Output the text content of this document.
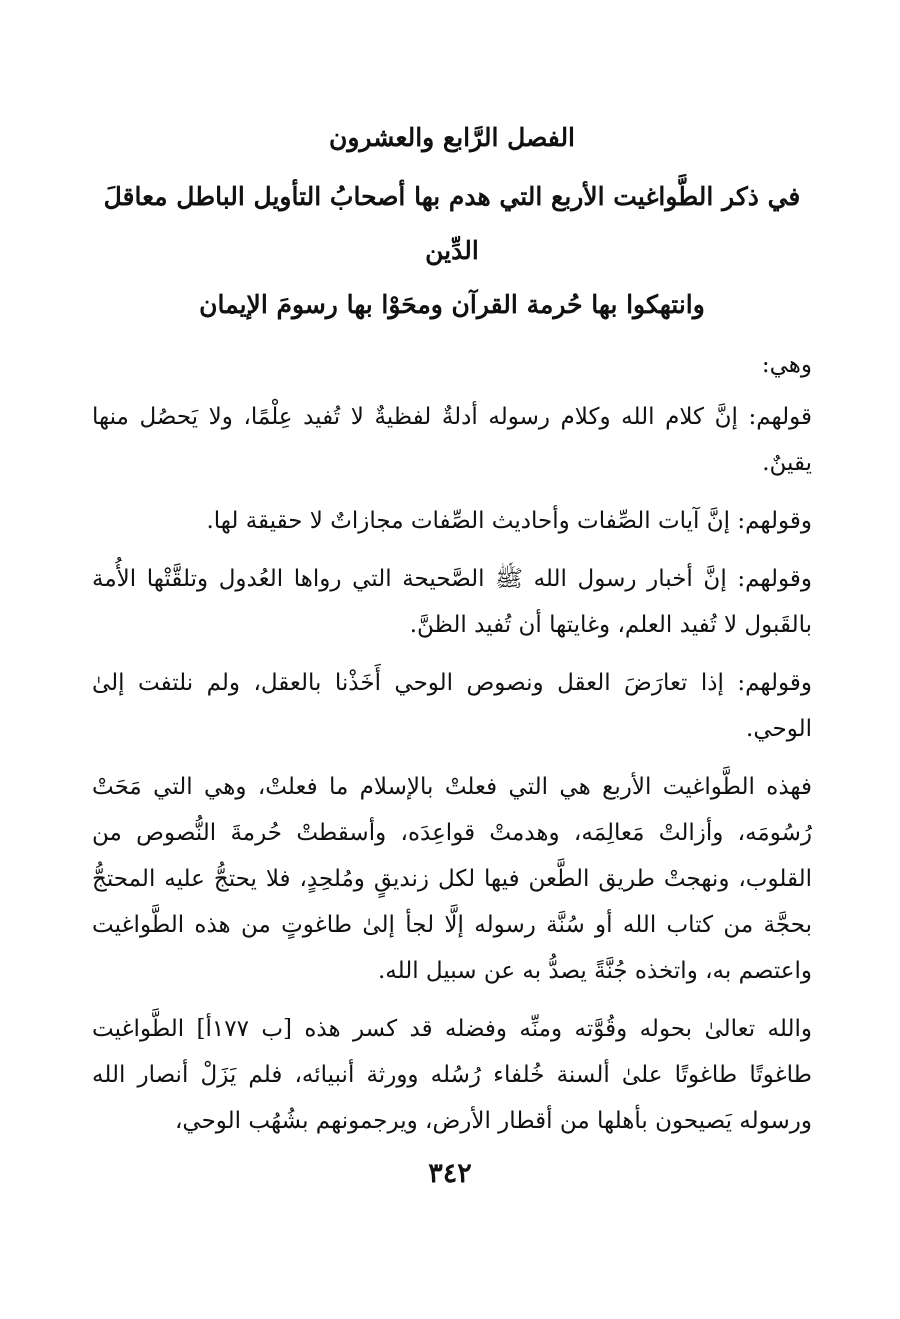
الفصل الرَّابع والعشرون
في ذكر الطَّواغيت الأربع التي هدم بها أصحابُ التأويل الباطل معاقلَ الدِّين
وانتهكوا بها حُرمة القرآن ومحَوْا بها رسومَ الإيمان

وهي:

قولهم: إنَّ كلام الله وكلام رسوله أدلةٌ لفظيةٌ لا تُفيد عِلْمًا، ولا يَحصُل منها يقينٌ.

وقولهم: إنَّ آيات الصِّفات وأحاديث الصِّفات مجازاتٌ لا حقيقة لها.

وقولهم: إنَّ أخبار رسول الله ﷺ الصَّحيحة التي رواها العُدول وتلقَّتْها الأُمة بالقَبول لا تُفيد العلم، وغايتها أن تُفيد الظنَّ.

وقولهم: إذا تعارَضَ العقل ونصوص الوحي أَخَذْنا بالعقل، ولم نلتفت إلىٰ الوحي.

فهذه الطَّواغيت الأربع هي التي فعلتْ بالإسلام ما فعلتْ، وهي التي مَحَتْ رُسُومَه، وأزالتْ مَعالِمَه، وهدمتْ قواعِدَه، وأسقطتْ حُرمةَ النُّصوص من القلوب، ونهجتْ طريق الطَّعن فيها لكل زنديقٍ ومُلحِدٍ، فلا يحتجُّ عليه المحتجُّ بحجَّة من كتاب الله أو سُنَّة رسوله إلَّا لجأ إلىٰ طاغوتٍ من هذه الطَّواغيت واعتصم به، واتخذه جُنَّةً يصدُّ به عن سبيل الله.

والله تعالىٰ بحوله وقُوَّته ومنِّه وفضله قد كسر هذه [ب ١٧٧أ] الطَّواغيت طاغوتًا طاغوتًا علىٰ ألسنة خُلفاء رُسُله وورثة أنبيائه، فلم يَزَلْ أنصار الله ورسوله يَصيحون بأهلها من أقطار الأرض، ويرجمونهم بشُهُب الوحي،

٣٤٢
